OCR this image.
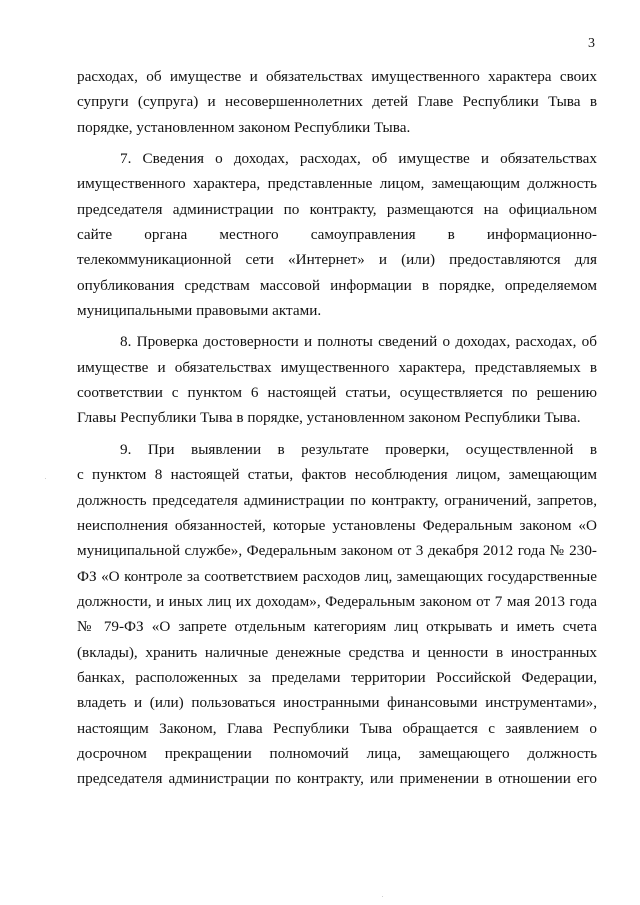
3
расходах, об имуществе и обязательствах имущественного характера своих
супруги (супруга) и несовершеннолетних детей Главе Республики Тыва в
порядке, установленном законом Республики Тыва.
7. Сведения о доходах, расходах, об имуществе и обязательствах
имущественного характера, представленные лицом, замещающим должность
председателя администрации по контракту, размещаются на официальном
сайте органа местного самоуправления в информационно-
телекоммуникационной сети «Интернет» и (или) предоставляются для
опубликования средствам массовой информации в порядке, определяемом
муниципальными правовыми актами.
8. Проверка достоверности и полноты сведений о доходах, расходах, об
имуществе и обязательствах имущественного характера, представляемых в
соответствии с пунктом 6 настоящей статьи, осуществляется по решению
Главы Республики Тыва в порядке, установленном законом Республики Тыва.
9. При выявлении в результате проверки, осуществленной в
с пунктом 8 настоящей статьи, фактов несоблюдения лицом, замещающим
должность председателя администрации по контракту, ограничений, запретов,
неисполнения обязанностей, которые установлены Федеральным законом «О
муниципальной службе», Федеральным законом от 3 декабря 2012 года № 230-
ФЗ «О контроле за соответствием расходов лиц, замещающих государственные
должности, и иных лиц их доходам», Федеральным законом от 7 мая 2013 года
№ 79-ФЗ «О запрете отдельным категориям лиц открывать и иметь счета
(вклады), хранить наличные денежные средства и ценности в иностранных
банках, расположенных за пределами территории Российской Федерации,
владеть и (или) пользоваться иностранными финансовыми инструментами»,
настоящим Законом, Глава Республики Тыва обращается с заявлением о
досрочном прекращении полномочий лица, замещающего должность
председателя администрации по контракту, или применении в отношении его
